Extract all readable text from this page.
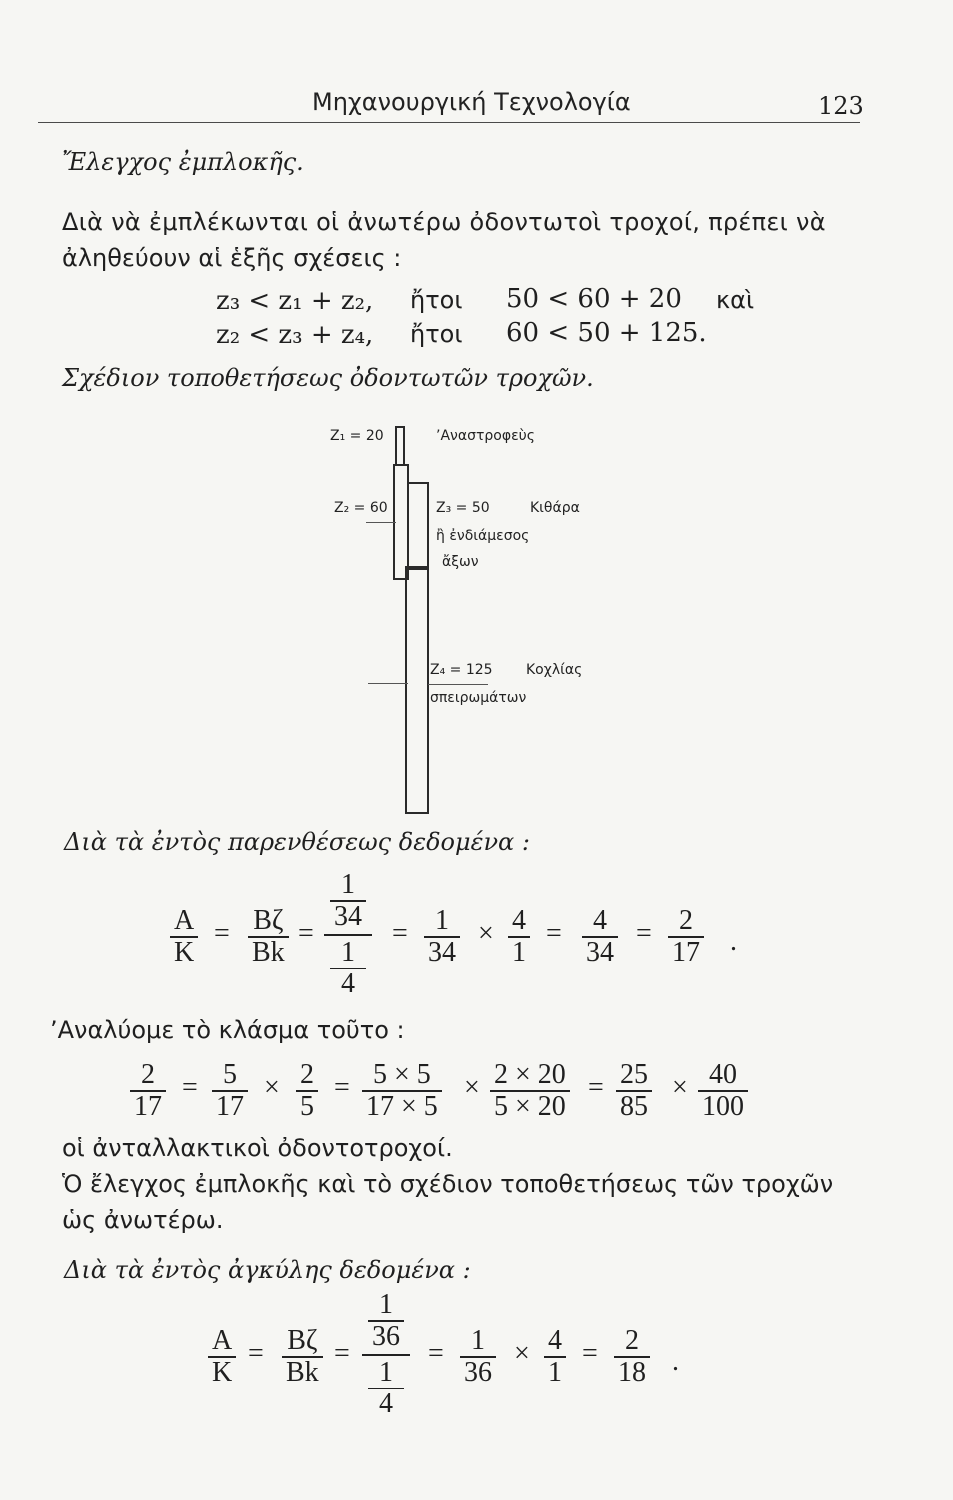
Μηχανουργική Τεχνολογία	123
Ἔλεγχος ἐμπλοκῆς.
Διὰ νὰ ἐμπλέκωνται οἱ ἀνωτέρω ὀδοντωτοὶ τροχοί, πρέπει νὰ
ἀληθεύουν αἱ ἑξῆς σχέσεις :
z₃ < z₁ + z₂, ἤτοι 50 < 60 + 20 καὶ
z₂ < z₃ + z₄, ἤτοι 60 < 50 + 125.
Σχέδιον τοποθετήσεως ὀδοντωτῶν τροχῶν.
Z₁ = 20	’Αναστροφεὺς
Z₂ = 60	Z₃ = 50	Κιθάρα
ἢ ἐνδιάμεσος
ἄξων
Z₄ = 125 Κοχλίας
σπειρωμάτων
Διὰ τὰ ἐντὸς παρενθέσεως δεδομένα :
A
K
= Bζ
Bk
=
1
34
1
4
= 1
34
× 4
1
= 4
34
= 2
17 .
’Αναλύομε τὸ κλάσμα τοῦτο :
2
17
= 5
17
× 2
5
= 5 × 5
17 × 5
× 2 × 20
5 × 20
= 25
85
× 40
100
οἱ ἀνταλλακτικοὶ ὀδοντοτροχοί.
Ὁ ἔλεγχος ἐμπλοκῆς καὶ τὸ σχέδιον τοποθετήσεως τῶν τροχῶν
ὡς ἀνωτέρω.
Διὰ τὰ ἐντὸς ἀγκύλης δεδομένα :
A
K
= Bζ
Bk
=
1
36
1
4
= 1
36
× 4
1
= 2
18 .
